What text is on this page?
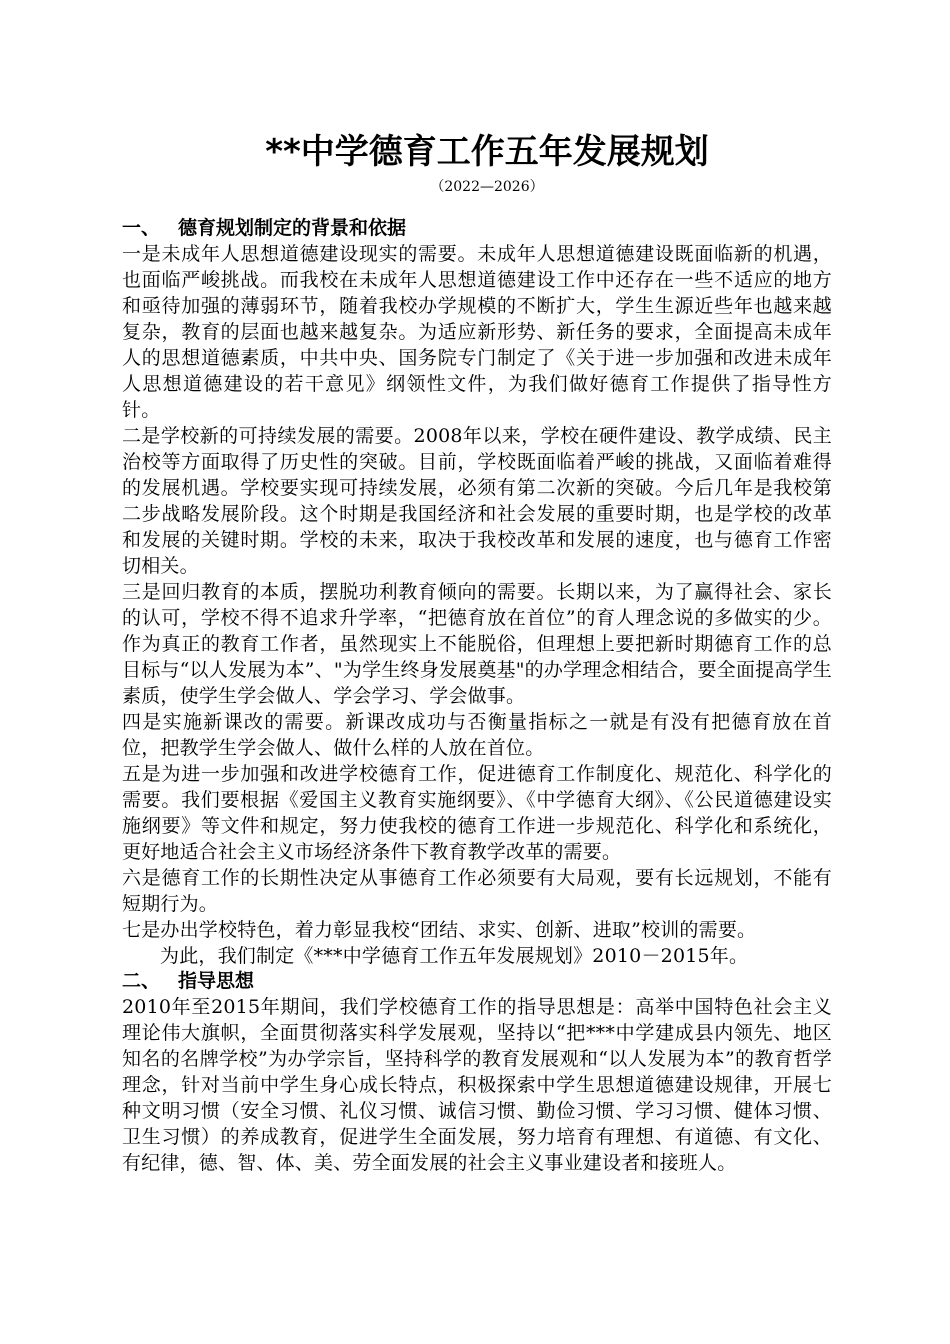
**中学德育工作五年发展规划
（2022—2026）
一、 德育规划制定的背景和依据

一是未成年人思想道德建设现实的需要。未成年人思想道德建设既面临新的机遇，也面临严峻挑战。而我校在未成年人思想道德建设工作中还存在一些不适应的地方和亟待加强的薄弱环节，随着我校办学规模的不断扩大，学生生源近些年也越来越复杂，教育的层面也越来越复杂。为适应新形势、新任务的要求，全面提高未成年人的思想道德素质，中共中央、国务院专门制定了《关于进一步加强和改进未成年人思想道德建设的若干意见》纲领性文件，为我们做好德育工作提供了指导性方针。

二是学校新的可持续发展的需要。2008年以来，学校在硬件建设、教学成绩、民主治校等方面取得了历史性的突破。目前，学校既面临着严峻的挑战，又面临着难得的发展机遇。学校要实现可持续发展，必须有第二次新的突破。今后几年是我校第二步战略发展阶段。这个时期是我国经济和社会发展的重要时期，也是学校的改革和发展的关键时期。学校的未来，取决于我校改革和发展的速度，也与德育工作密切相关。

三是回归教育的本质，摆脱功利教育倾向的需要。长期以来，为了赢得社会、家长的认可，学校不得不追求升学率，“把德育放在首位”的育人理念说的多做实的少。作为真正的教育工作者，虽然现实上不能脱俗，但理想上要把新时期德育工作的总目标与“以人发展为本”、"为学生终身发展奠基"的办学理念相结合，要全面提高学生素质，使学生学会做人、学会学习、学会做事。

四是实施新课改的需要。新课改成功与否衡量指标之一就是有没有把德育放在首位，把教学生学会做人、做什么样的人放在首位。

五是为进一步加强和改进学校德育工作，促进德育工作制度化、规范化、科学化的需要。我们要根据《爱国主义教育实施纲要》、《中学德育大纲》、《公民道德建设实施纲要》等文件和规定，努力使我校的德育工作进一步规范化、科学化和系统化，更好地适合社会主义市场经济条件下教育教学改革的需要。

六是德育工作的长期性决定从事德育工作必须要有大局观，要有长远规划，不能有短期行为。

七是办出学校特色，着力彰显我校“团结、求实、创新、进取”校训的需要。

为此，我们制定《***中学德育工作五年发展规划》2010－2015年。

二、 指导思想

2010年至2015年期间，我们学校德育工作的指导思想是：高举中国特色社会主义理论伟大旗帜，全面贯彻落实科学发展观，坚持以“把***中学建成县内领先、地区知名的名牌学校”为办学宗旨，坚持科学的教育发展观和“以人发展为本”的教育哲学理念，针对当前中学生身心成长特点，积极探索中学生思想道德建设规律，开展七种文明习惯（安全习惯、礼仪习惯、诚信习惯、勤俭习惯、学习习惯、健体习惯、卫生习惯）的养成教育，促进学生全面发展，努力培育有理想、有道德、有文化、有纪律，德、智、体、美、劳全面发展的社会主义事业建设者和接班人。
